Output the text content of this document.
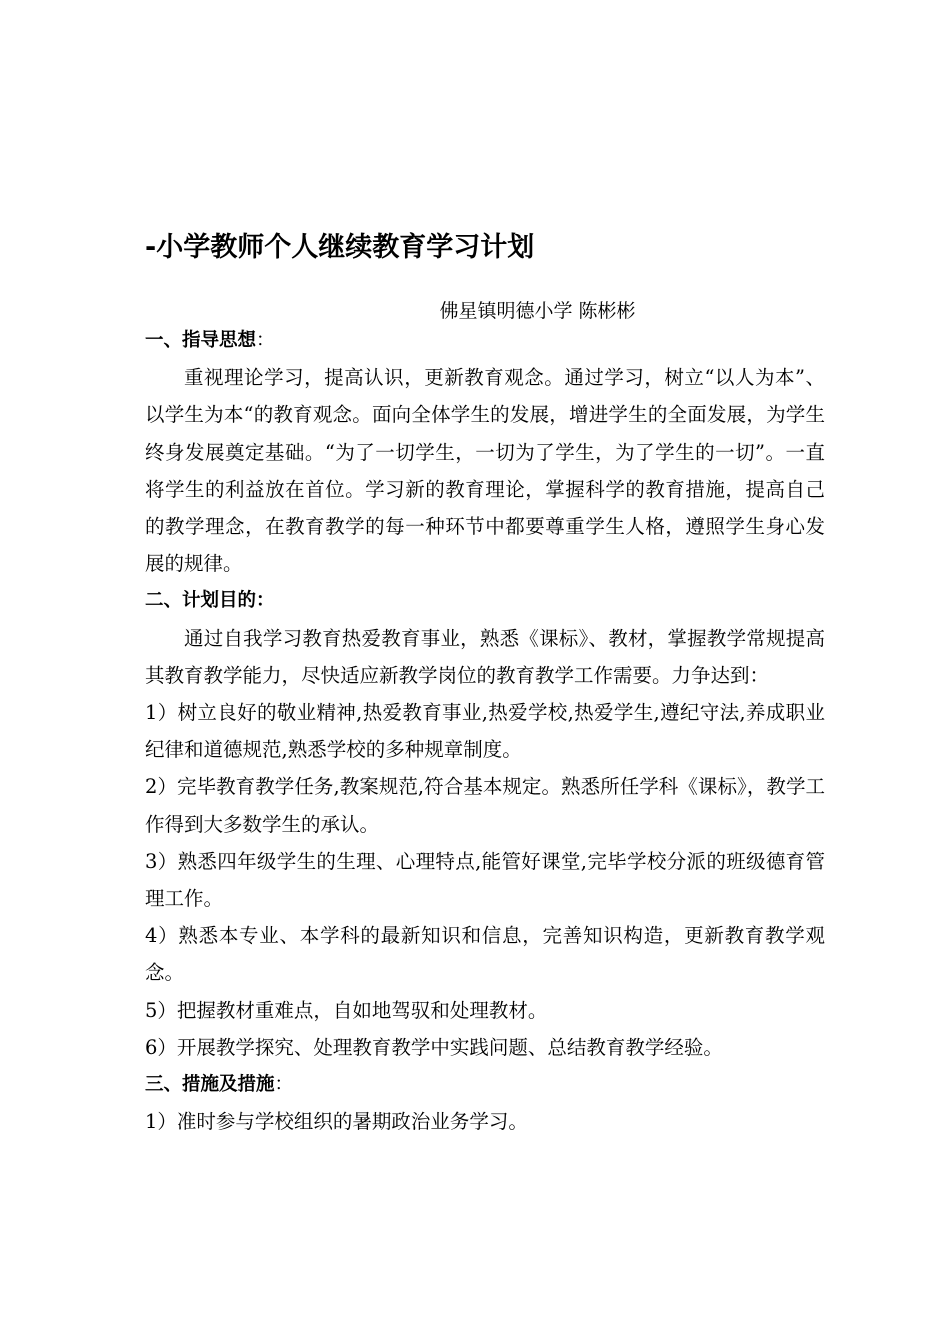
-小学教师个人继续教育学习计划
佛星镇明德小学 陈彬彬
一、指导思想：

重视理论学习，提高认识，更新教育观念。通过学习，树立“以人为本”、以学生为本“的教育观念。面向全体学生的发展，增进学生的全面发展，为学生终身发展奠定基础。“为了一切学生，一切为了学生，为了学生的一切”。一直将学生的利益放在首位。学习新的教育理论，掌握科学的教育措施，提高自己的教学理念，在教育教学的每一种环节中都要尊重学生人格，遵照学生身心发展的规律。

二、计划目的：

通过自我学习教育热爱教育事业，熟悉《课标》、教材，掌握教学常规提高其教育教学能力，尽快适应新教学岗位的教育教学工作需要。力争达到：

1）树立良好的敬业精神,热爱教育事业,热爱学校,热爱学生,遵纪守法,养成职业纪律和道德规范,熟悉学校的多种规章制度。

2）完毕教育教学任务,教案规范,符合基本规定。熟悉所任学科《课标》，教学工作得到大多数学生的承认。

3）熟悉四年级学生的生理、心理特点,能管好课堂,完毕学校分派的班级德育管理工作。

4）熟悉本专业、本学科的最新知识和信息，完善知识构造，更新教育教学观念。

5）把握教材重难点，自如地驾驭和处理教材。

6）开展教学探究、处理教育教学中实践问题、总结教育教学经验。

三、措施及措施：

1）准时参与学校组织的暑期政治业务学习。
